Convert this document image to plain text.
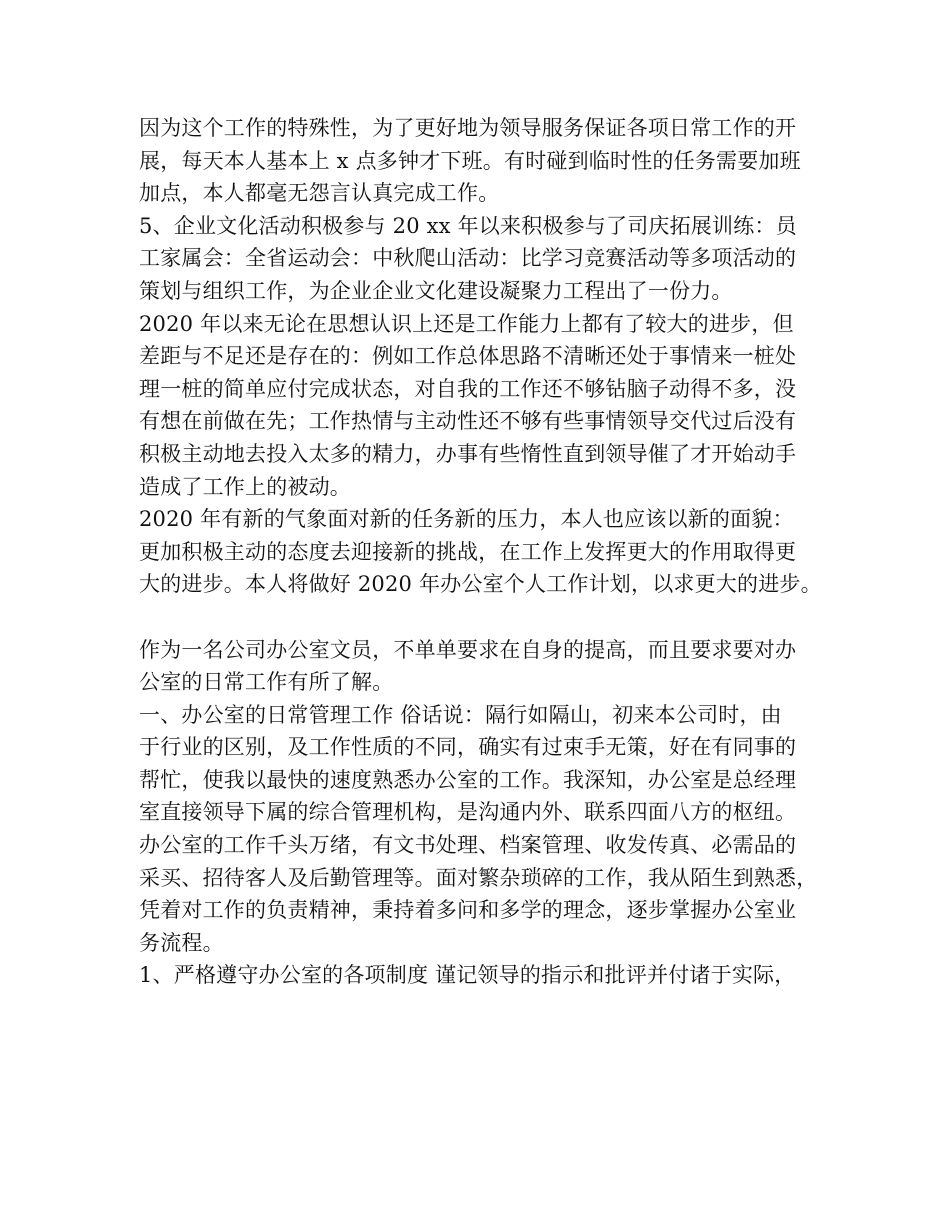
因为这个工作的特殊性，为了更好地为领导服务保证各项日常工作的开
展，每天本人基本上 x 点多钟才下班。有时碰到临时性的任务需要加班
加点，本人都毫无怨言认真完成工作。
5、企业文化活动积极参与 20 xx 年以来积极参与了司庆拓展训练：员
工家属会：全省运动会：中秋爬山活动：比学习竞赛活动等多项活动的
策划与组织工作，为企业企业文化建设凝聚力工程出了一份力。
2020 年以来无论在思想认识上还是工作能力上都有了较大的进步，但
差距与不足还是存在的：例如工作总体思路不清晰还处于事情来一桩处
理一桩的简单应付完成状态，对自我的工作还不够钻脑子动得不多，没
有想在前做在先；工作热情与主动性还不够有些事情领导交代过后没有
积极主动地去投入太多的精力，办事有些惰性直到领导催了才开始动手
造成了工作上的被动。
2020 年有新的气象面对新的任务新的压力，本人也应该以新的面貌：
更加积极主动的态度去迎接新的挑战，在工作上发挥更大的作用取得更
大的进步。本人将做好 2020 年办公室个人工作计划，以求更大的进步。
作为一名公司办公室文员，不单单要求在自身的提高，而且要求要对办
公室的日常工作有所了解。
一、办公室的日常管理工作 俗话说：隔行如隔山，初来本公司时，由
于行业的区别，及工作性质的不同，确实有过束手无策，好在有同事的
帮忙，使我以最快的速度熟悉办公室的工作。我深知，办公室是总经理
室直接领导下属的综合管理机构，是沟通内外、联系四面八方的枢纽。
办公室的工作千头万绪，有文书处理、档案管理、收发传真、必需品的
采买、招待客人及后勤管理等。面对繁杂琐碎的工作，我从陌生到熟悉，
凭着对工作的负责精神，秉持着多问和多学的理念，逐步掌握办公室业
务流程。
1、严格遵守办公室的各项制度 谨记领导的指示和批评并付诸于实际，
